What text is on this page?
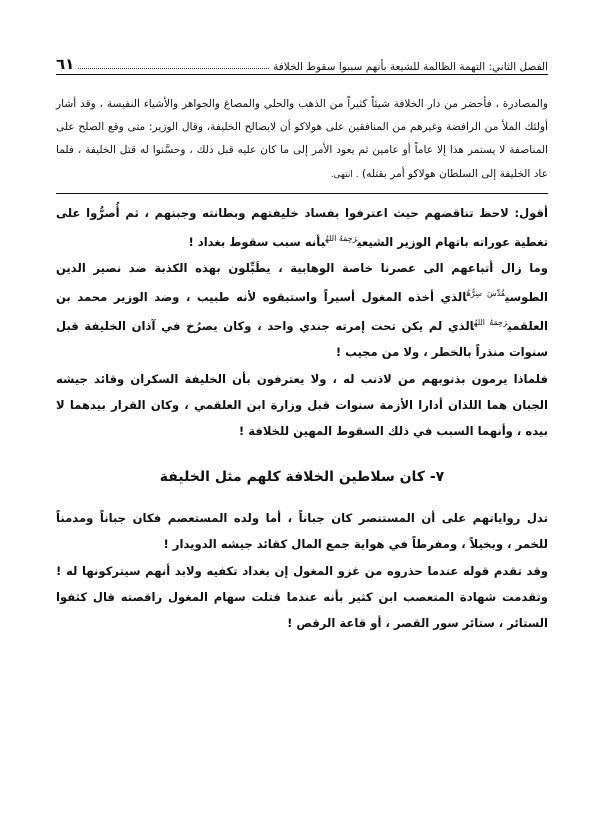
الفصل الثاني: التهمة الظالمة للشيعة بأنهم سببوا سقوط الخلافة
٦١

والمصادرة ، فأحضر من دار الخلافة شيئاً كثيراً من الذهب والحلي والمصاغ والجواهر والأشياء النفيسة ، وقد أشار أولئك الملأ من الرافضة وغيرهم من المنافقين على هولاكو أن لايصالح الخليفة، وقال الوزير: متى وقع الصلح على المناصفة لا يستمر هذا إلا عاماً أو عامين ثم يعود الأمر إلى ما كان عليه قبل ذلك ، وحسَّنوا له قتل الخليفة ، فلما عاد الخليفة إلى السلطان هولاكو أمر بقتله) . انتهى.

أقول: لاحظ تناقضهم حيث اعترفوا بفساد خليفتهم وبطانته وجبنهم ، ثم أُصرُّوا على تغطية عوراته باتهام الوزير الشيعي$^{رَحِمَهُ اللهُ}$بأنه سبب سقوط بغداد !

وما زال أتباعهم الى عصرنا خاصة الوهابية ، يطَبِّلون بهذه الكذبة ضد نصير الدين الطوسي$^{قُدِّسَ سِرُّهُ}$الذي أخذه المغول أسيراً واستبقوه لأنه طبيب ، وضد الوزير محمد بن العلقمي$^{رَحِمَهُ اللهُ}$الذي لم يكن تحت إمرته جندي واحد ، وكان يصرُخ في آذان الخليفة قبل سنوات منذراً بالخطر ، ولا من مجيب !

فلماذا يرمون بذنوبهم من لاذنب له ، ولا يعترفون بأن الخليفة السكران وقائد جيشه الجبان هما اللذان أدارا الأزمة سنوات قبل وزارة ابن العلقمي ، وكان القرار بيدهما لا بيده ، وأنهما السبب في ذلك السقوط المهين للخلافة !

٧- كان سلاطين الخلافة كلهم مثل الخليفة

تدل رواياتهم على أن المستنصر كان جباناً ، أما ولده المستعصم فكان جباناً ومدمناً للخمر ، وبخيلاً ، ومفرطاً في هواية جمع المال كقائد جيشه الدويدار !

وقد تقدم قوله عندما حذروه من غزو المغول إن بغداد تكفيه ولابد أنهم سيتركونها له ! وتقدمت شهادة المتعصب ابن كثير بأنه عندما قتلت سهام المغول راقصته قال كثفوا الستائر ، ستائر سور القصر ، أو قاعة الرقص !
